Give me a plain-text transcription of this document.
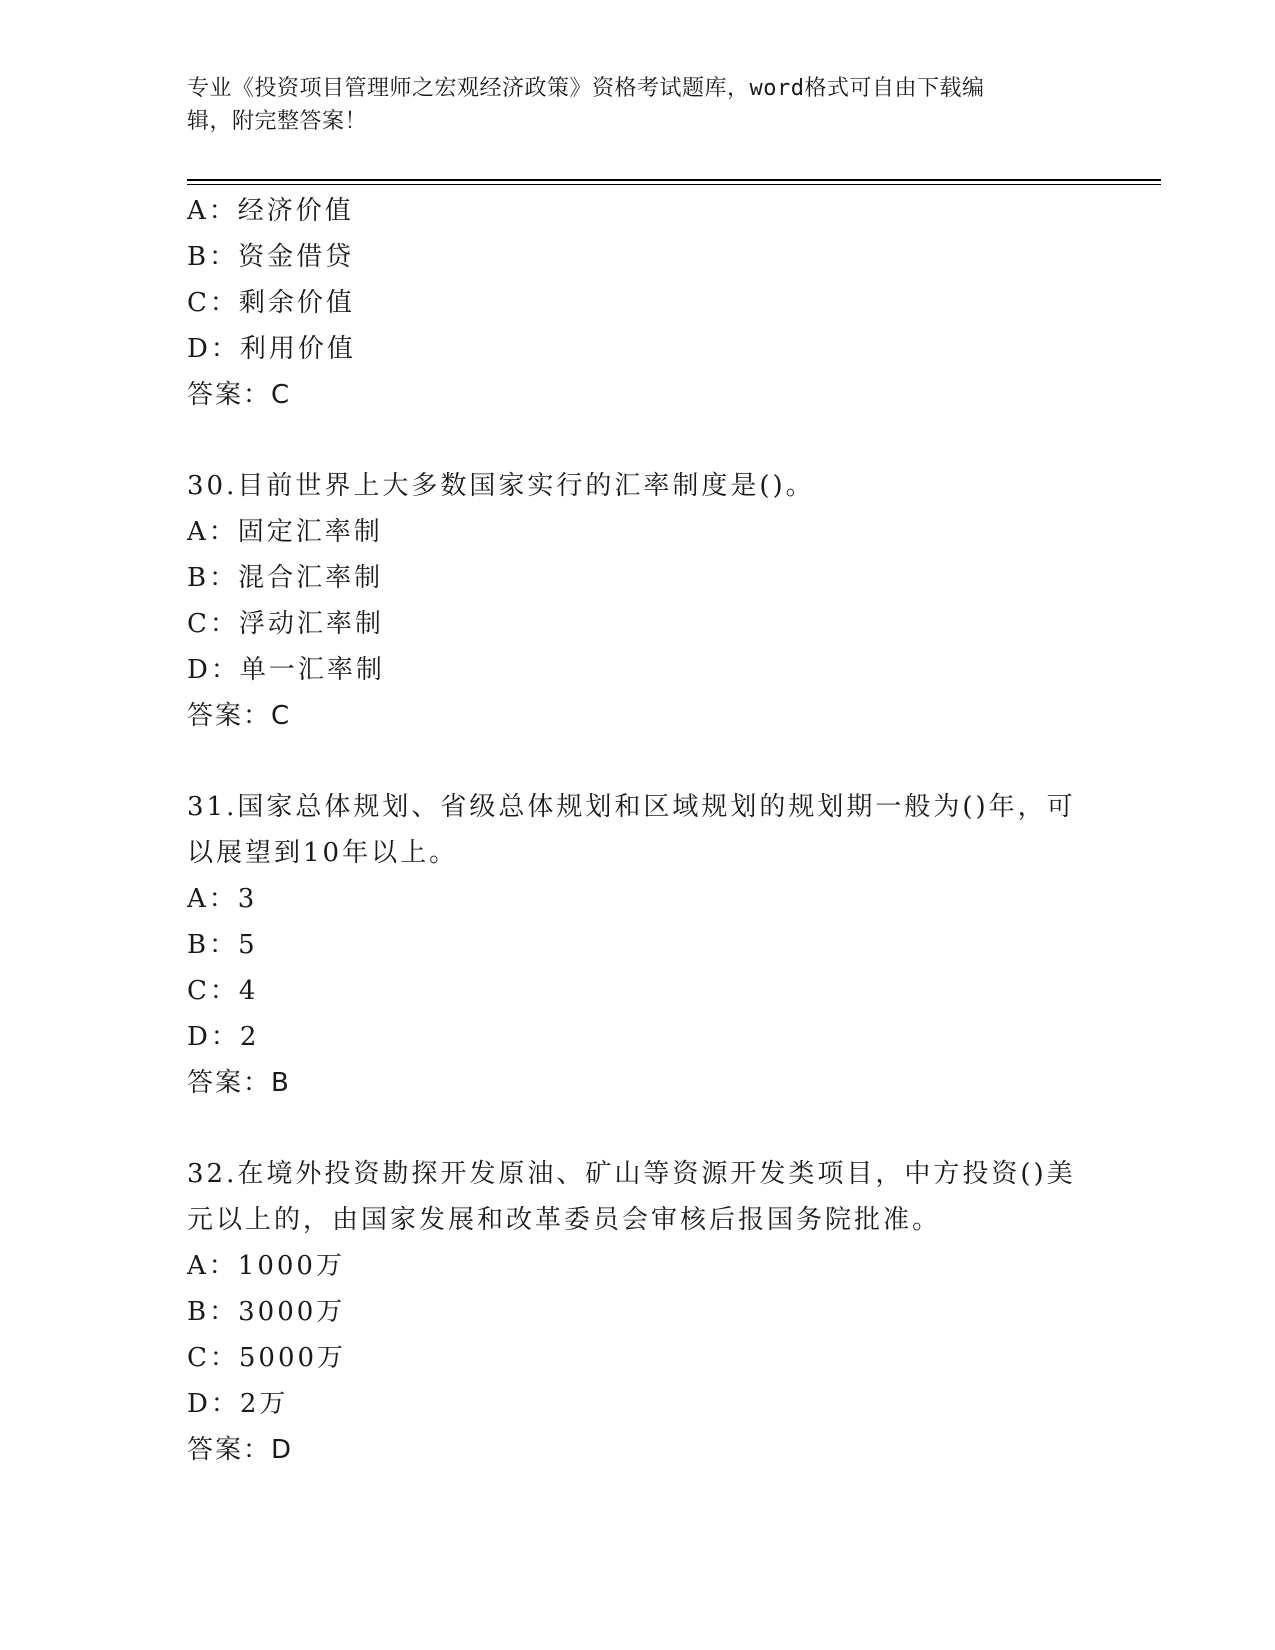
专业《投资项目管理师之宏观经济政策》资格考试题库，word格式可自由下载编
辑，附完整答案！
A：经济价值
B：资金借贷
C：剩余价值
D：利用价值
答案：C
30.目前世界上大多数国家实行的汇率制度是()。
A：固定汇率制
B：混合汇率制
C：浮动汇率制
D：单一汇率制
答案：C
31.国家总体规划、省级总体规划和区域规划的规划期一般为()年，可
以展望到10年以上。
A：3
B：5
C：4
D：2
答案：B
32.在境外投资勘探开发原油、矿山等资源开发类项目，中方投资()美
元以上的，由国家发展和改革委员会审核后报国务院批准。
A：1000万
B：3000万
C：5000万
D：2万
答案：D
